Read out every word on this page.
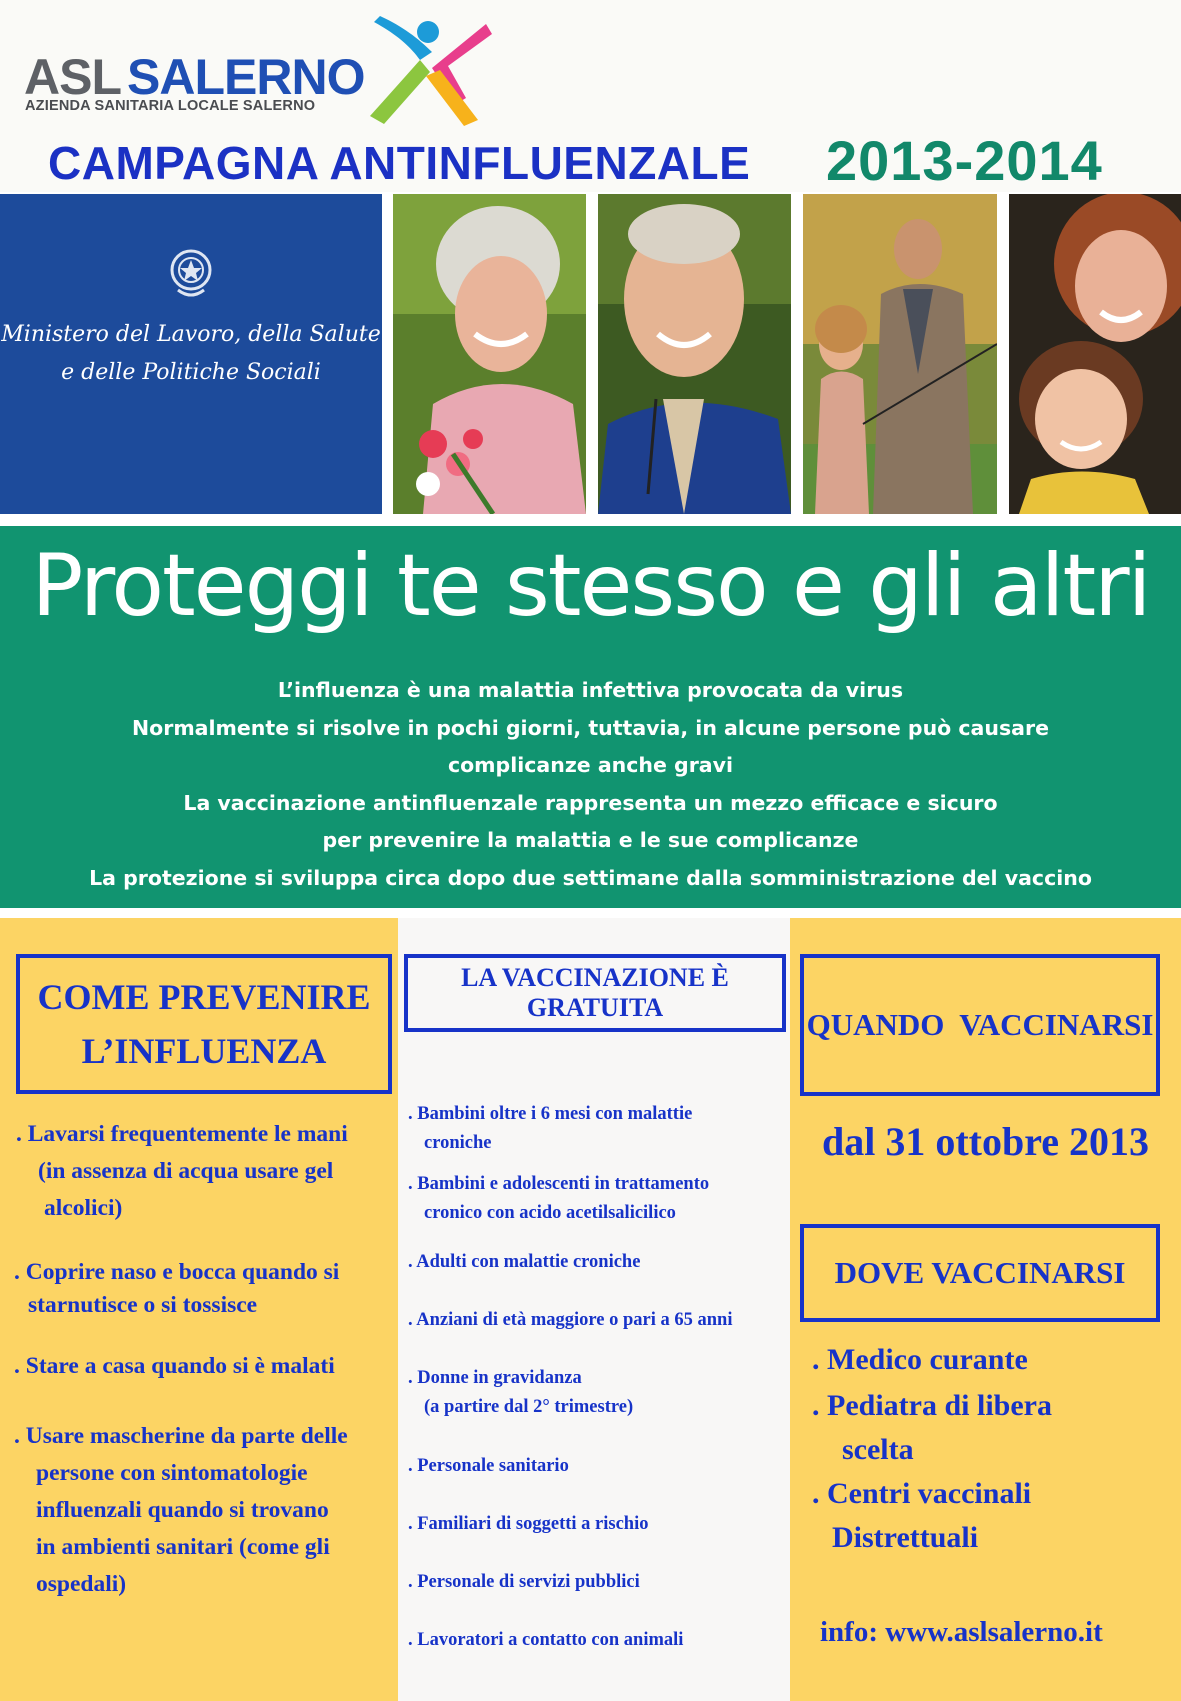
ASL SALERNO
AZIENDA SANITARIA LOCALE SALERNO
CAMPAGNA ANTINFLUENZALE 2013-2014
Ministero del Lavoro, della Salute
e delle Politiche Sociali
Proteggi te stesso e gli altri
L’influenza è una malattia infettiva provocata da virus
Normalmente si risolve in pochi giorni, tuttavia, in alcune persone può causare
complicanze anche gravi
La vaccinazione antinfluenzale rappresenta un mezzo efficace e sicuro
per prevenire la malattia e le sue complicanze
La protezione si sviluppa circa dopo due settimane dalla somministrazione del vaccino
COME PREVENIRE
L’INFLUENZA
. Lavarsi frequentemente le mani
(in assenza di acqua usare gel
alcolici)
. Coprire naso e bocca quando si
starnutisce o si tossisce
. Stare a casa quando si è malati
. Usare mascherine da parte delle
persone con sintomatologie
influenzali quando si trovano
in ambienti sanitari (come gli
ospedali)
LA VACCINAZIONE È GRATUITA
. Bambini oltre i 6 mesi con malattie
croniche
. Bambini e adolescenti in trattamento
cronico con acido acetilsalicilico
. Adulti con malattie croniche
. Anziani di età maggiore o pari a 65 anni
. Donne in gravidanza
(a partire dal 2° trimestre)
. Personale sanitario
. Familiari di soggetti a rischio
. Personale di servizi pubblici
. Lavoratori a contatto con animali
QUANDO  VACCINARSI
dal 31 ottobre 2013
DOVE VACCINARSI
. Medico curante
. Pediatra di libera
scelta
. Centri vaccinali
Distrettuali
info: www.aslsalerno.it
